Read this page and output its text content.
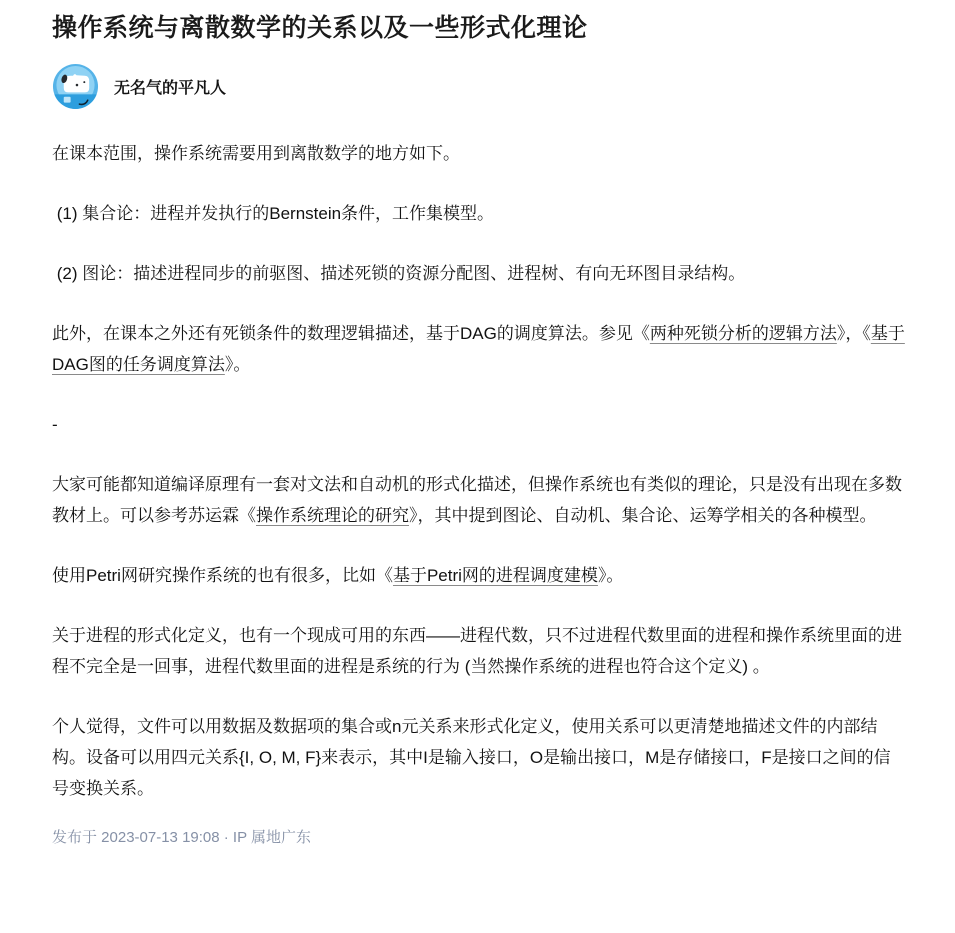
操作系统与离散数学的关系以及一些形式化理论
无名气的平凡人

在课本范围，操作系统需要用到离散数学的地方如下。

(1) 集合论：进程并发执行的Bernstein条件，工作集模型。

(2) 图论：描述进程同步的前驱图、描述死锁的资源分配图、进程树、有向无环图目录结构。

此外，在课本之外还有死锁条件的数理逻辑描述，基于DAG的调度算法。参见《两种死锁分析的逻辑方法》，《基于DAG图的任务调度算法》。

-

大家可能都知道编译原理有一套对文法和自动机的形式化描述，但操作系统也有类似的理论，只是没有出现在多数教材上。可以参考苏运霖《操作系统理论的研究》，其中提到图论、自动机、集合论、运筹学相关的各种模型。

使用Petri网研究操作系统的也有很多，比如《基于Petri网的进程调度建模》。

关于进程的形式化定义，也有一个现成可用的东西——进程代数，只不过进程代数里面的进程和操作系统里面的进程不完全是一回事，进程代数里面的进程是系统的行为 (当然操作系统的进程也符合这个定义) 。

个人觉得，文件可以用数据及数据项的集合或n元关系来形式化定义，使用关系可以更清楚地描述文件的内部结构。设备可以用四元关系{I, O, M, F}来表示，其中I是输入接口，O是输出接口，M是存储接口，F是接口之间的信号变换关系。

发布于 2023-07-13 19:08 · IP 属地广东
